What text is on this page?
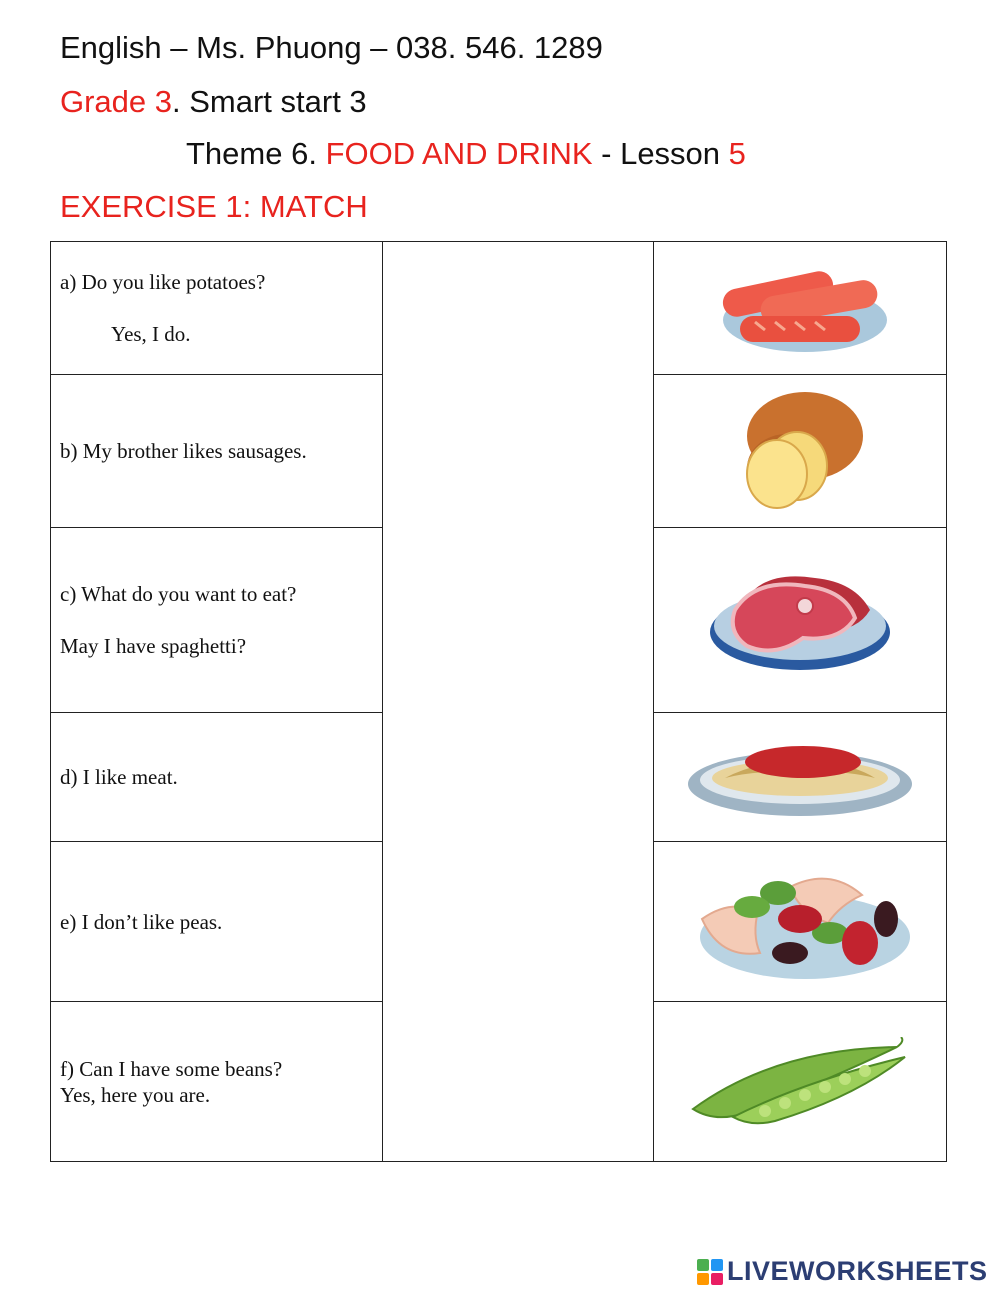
English – Ms. Phuong – 038. 546. 1289
Grade 3. Smart start 3
Theme 6. FOOD AND DRINK - Lesson 5
EXERCISE 1: MATCH
a) Do you like potatoes?
Yes, I do.

b) My brother likes sausages.

c) What do you want to eat?
May I have spaghetti?

d) I like meat.

e) I don’t like peas.

f) Can I have some beans?
Yes, here you are.

LIVEWORKSHEETS
